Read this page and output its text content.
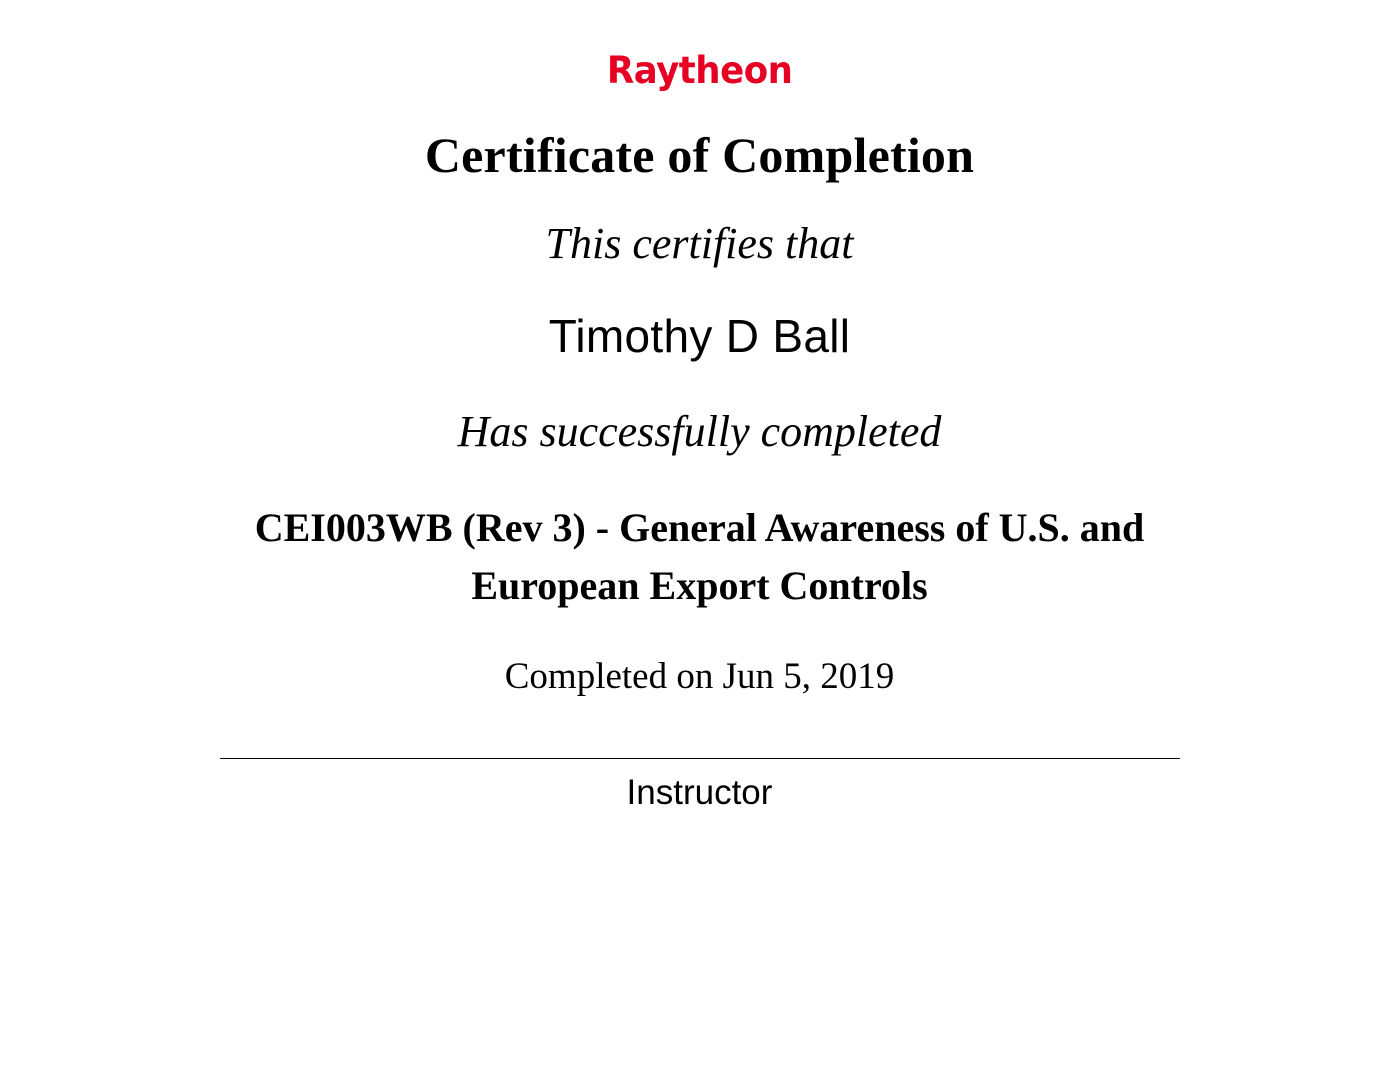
Raytheon
Certificate of Completion
This certifies that
Timothy D Ball
Has successfully completed
CEI003WB (Rev 3) - General Awareness of U.S. and European Export Controls
Completed on Jun 5, 2019
Instructor
